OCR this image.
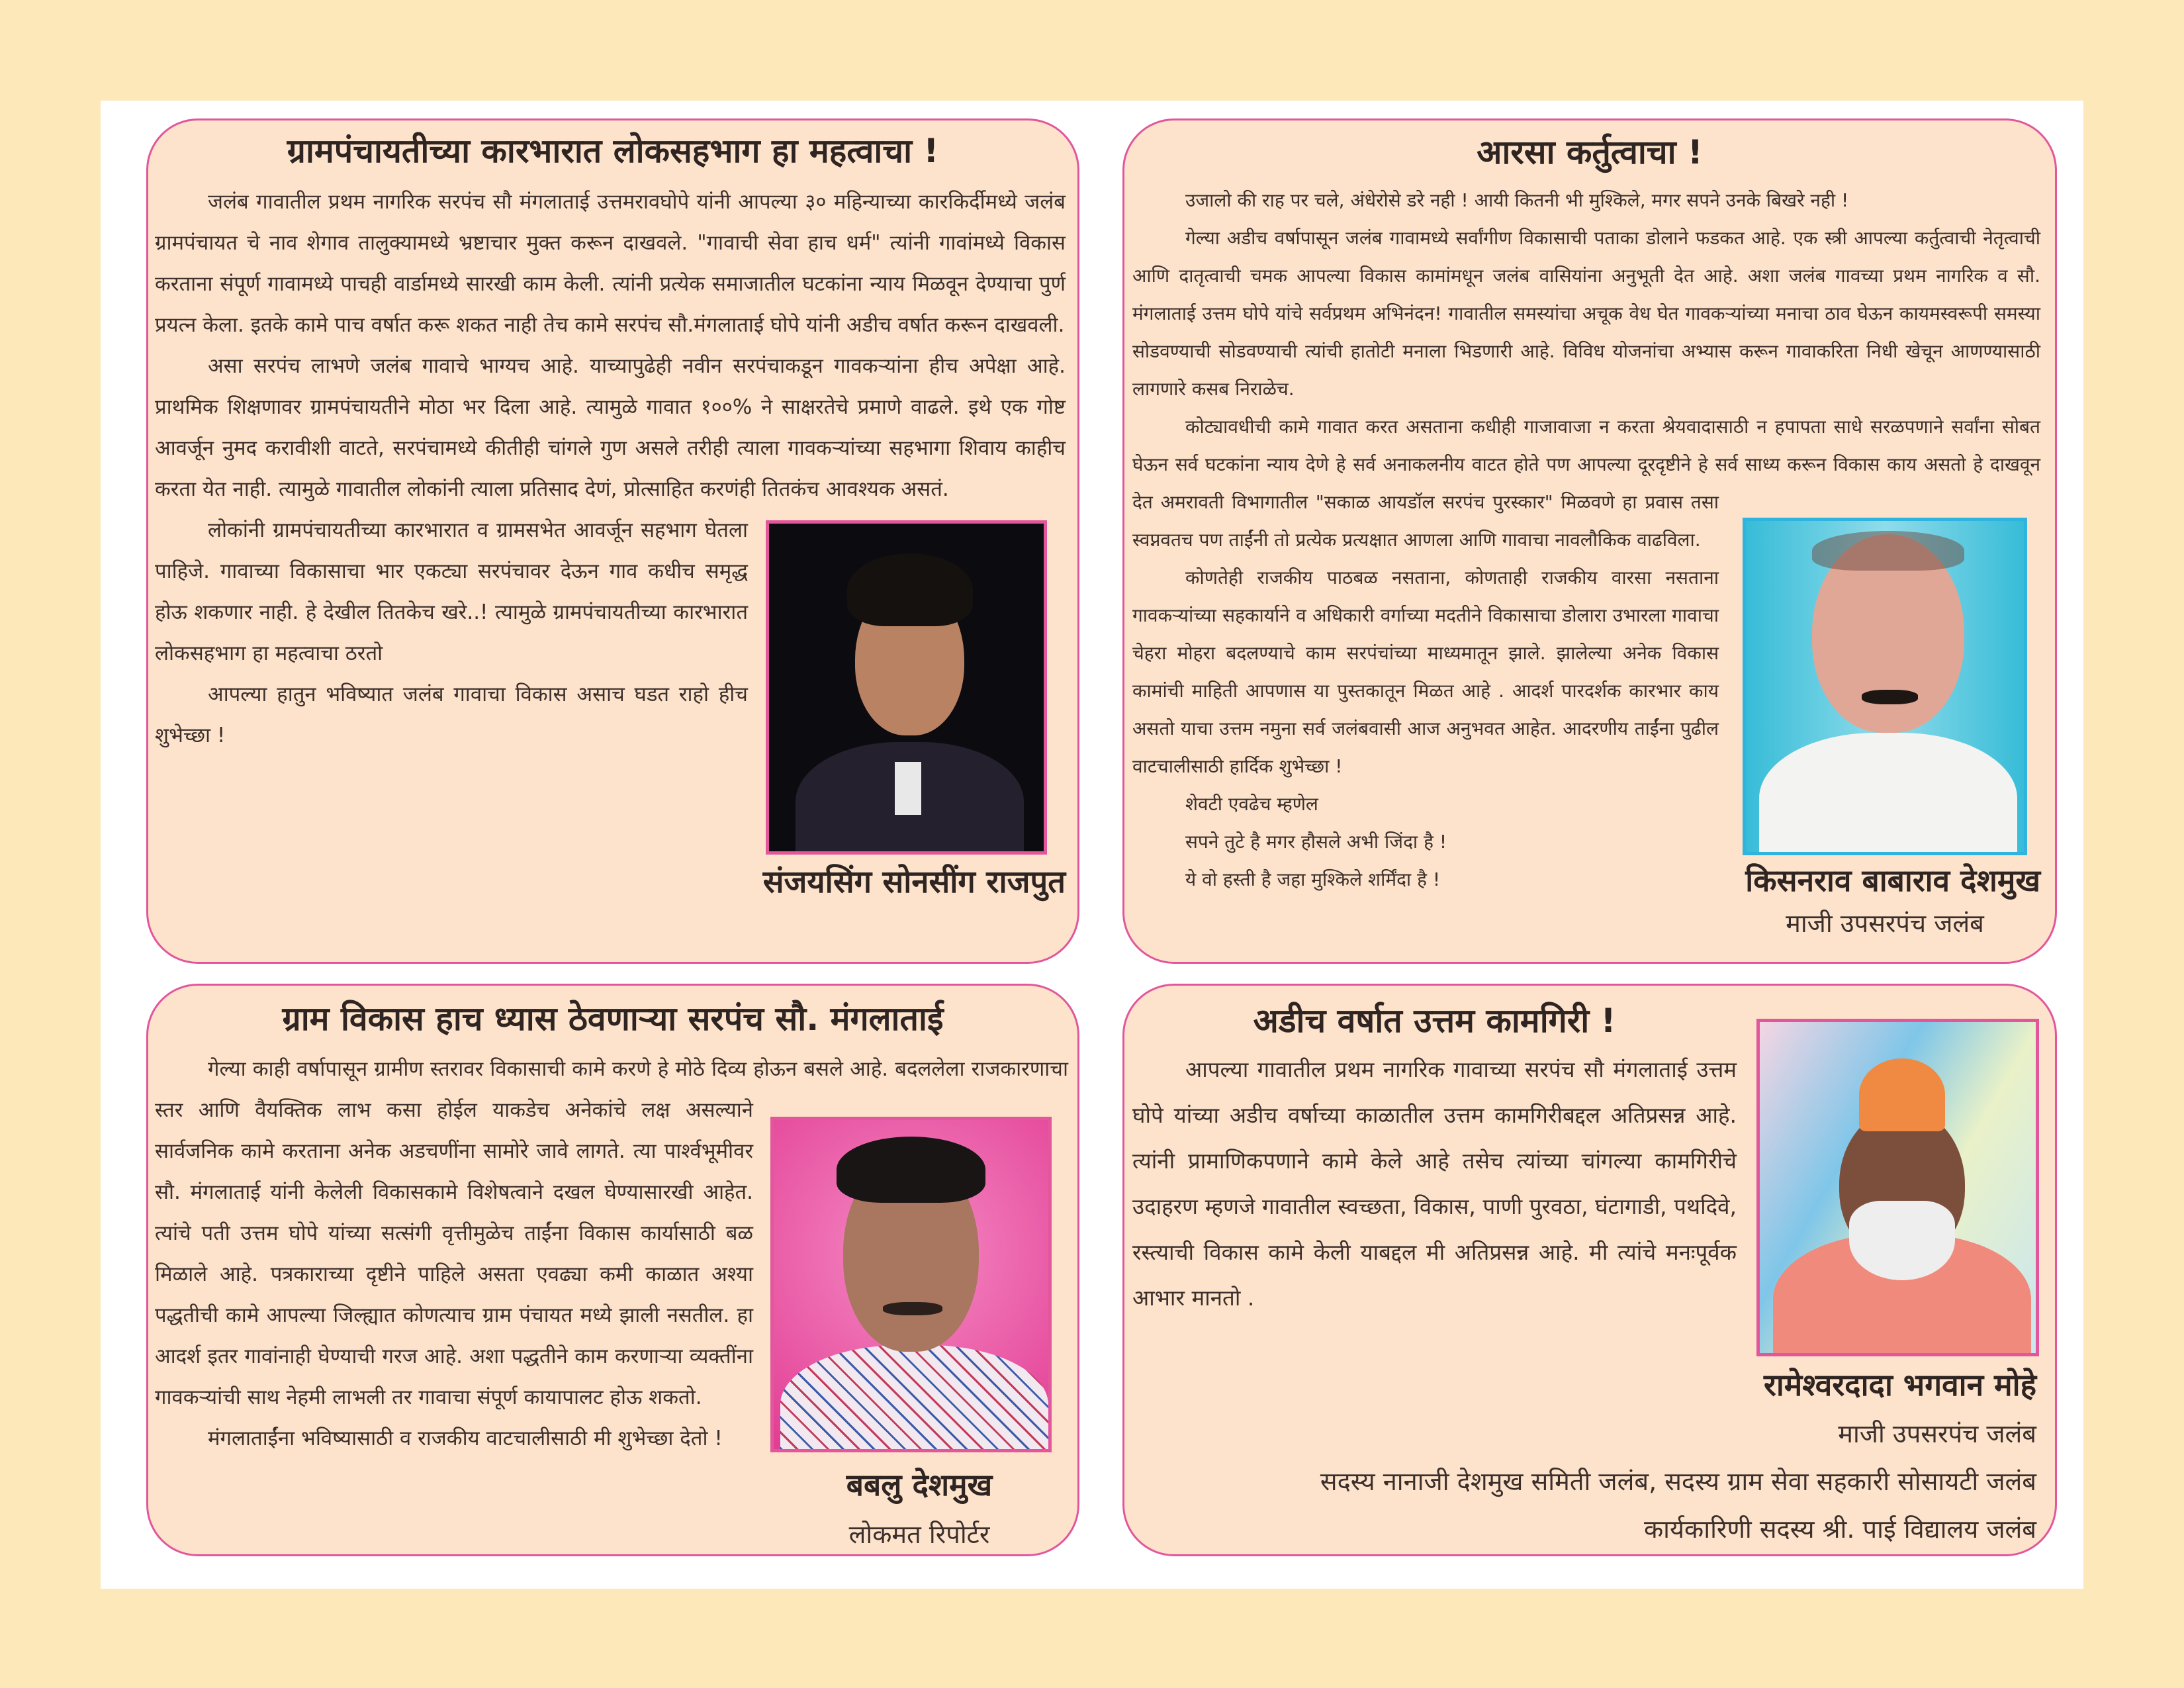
ग्रामपंचायतीच्या कारभारात लोकसहभाग हा महत्वाचा !
संजयसिंग सोनसींग राजपुत

जलंब गावातील प्रथम नागरिक सरपंच सौ मंगलाताई उत्तमरावघोपे यांनी आपल्या ३० महिन्याच्या कारकिर्दीमध्ये जलंब ग्रामपंचायत चे नाव शेगाव तालुक्यामध्ये भ्रष्टाचार मुक्त करून दाखवले. "गावाची सेवा हाच धर्म" त्यांनी गावांमध्ये विकास करताना संपूर्ण गावामध्ये पाचही वार्डामध्ये सारखी काम केली. त्यांनी प्रत्येक समाजातील घटकांना न्याय मिळवून देण्याचा पुर्ण प्रयत्न केला. इतके कामे पाच वर्षात करू शकत नाही तेच कामे सरपंच सौ.मंगलाताई घोपे यांनी अडीच वर्षात करून दाखवली.

असा सरपंच लाभणे जलंब गावाचे भाग्यच आहे. याच्यापुढेही नवीन सरपंचाकडून गावकऱ्यांना हीच अपेक्षा आहे. प्राथमिक शिक्षणावर ग्रामपंचायतीने मोठा भर दिला आहे. त्यामुळे गावात १००% ने साक्षरतेचे प्रमाणे वाढले. इथे एक गोष्ट आवर्जून नुमद करावीशी वाटते, सरपंचामध्ये कीतीही चांगले गुण असले तरीही त्याला गावकऱ्यांच्या सहभागा शिवाय काहीच करता येत नाही. त्यामुळे गावातील लोकांनी त्याला प्रतिसाद देणं, प्रोत्साहित करणंही तितकंच आवश्यक असतं.

लोकांनी ग्रामपंचायतीच्या कारभारात व ग्रामसभेत आवर्जून सहभाग घेतला पाहिजे. गावाच्या विकासाचा भार एकट्या सरपंचावर देऊन गाव कधीच समृद्ध होऊ शकणार नाही. हे देखील तितकेच खरे..! त्यामुळे ग्रामपंचायतीच्या कारभारात लोकसहभाग हा महत्वाचा ठरतो

आपल्या हातुन भविष्यात जलंब गावाचा विकास असाच घडत राहो हीच शुभेच्छा !

आरसा कर्तुत्वाचा !
किसनराव बाबाराव देशमुख
माजी उपसरपंच जलंब

उजालो की राह पर चले, अंधेरोसे डरे नही ! आयी कितनी भी मुश्किले, मगर सपने उनके बिखरे नही !

गेल्या अडीच वर्षापासून जलंब गावामध्ये सर्वांगीण विकासाची पताका डोलाने फडकत आहे. एक स्त्री आपल्या कर्तुत्वाची नेतृत्वाची आणि दातृत्वाची चमक आपल्या विकास कामांमधून जलंब वासियांना अनुभूती देत आहे. अशा जलंब गावच्या प्रथम नागरिक व सौ. मंगलाताई उत्तम घोपे यांचे सर्वप्रथम अभिनंदन! गावातील समस्यांचा अचूक वेध घेत गावकऱ्यांच्या मनाचा ठाव घेऊन कायमस्वरूपी समस्या सोडवण्याची सोडवण्याची त्यांची हातोटी मनाला भिडणारी आहे. विविध योजनांचा अभ्यास करून गावाकरिता निधी खेचून आणण्यासाठी लागणारे कसब निराळेच.

कोट्यावधीची कामे गावात करत असताना कधीही गाजावाजा न करता श्रेयवादासाठी न हपापता साधे सरळपणाने सर्वांना सोबत घेऊन सर्व घटकांना न्याय देणे हे सर्व अनाकलनीय वाटत होते पण आपल्या दूरदृष्टीने हे सर्व साध्य करून विकास काय असतो हे दाखवून देत अमरावती विभागातील "सकाळ आयडॉल सरपंच पुरस्कार" मिळवणे हा प्रवास तसा स्वप्नवतच पण ताईंनी तो प्रत्येक प्रत्यक्षात आणला आणि गावाचा नावलौकिक वाढविला.

कोणतेही राजकीय पाठबळ नसताना, कोणताही राजकीय वारसा नसताना गावकऱ्यांच्या सहकार्याने व अधिकारी वर्गाच्या मदतीने विकासाचा डोलारा उभारला गावाचा चेहरा मोहरा बदलण्याचे काम सरपंचांच्या माध्यमातून झाले. झालेल्या अनेक विकास कामांची माहिती आपणास या पुस्तकातून मिळत आहे . आदर्श पारदर्शक कारभार काय असतो याचा उत्तम नमुना सर्व जलंबवासी आज अनुभवत आहेत. आदरणीय ताईंना पुढील वाटचालीसाठी हार्दिक शुभेच्छा !

शेवटी एवढेच म्हणेल

सपने तुटे है मगर हौसले अभी जिंदा है !

ये वो हस्ती है जहा मुश्किले शर्मिंदा है !

ग्राम विकास हाच ध्यास ठेवणाऱ्या सरपंच सौ. मंगलाताई
बबलु देशमुख
लोकमत रिपोर्टर

गेल्या काही वर्षापासून ग्रामीण स्तरावर विकासाची कामे करणे हे मोठे दिव्य होऊन बसले आहे. बदललेला राजकारणाचा स्तर आणि वैयक्तिक लाभ कसा होईल याकडेच अनेकांचे लक्ष असल्याने सार्वजनिक कामे करताना अनेक अडचणींना सामोरे जावे लागते. त्या पार्श्वभूमीवर सौ. मंगलाताई यांनी केलेली विकासकामे विशेषत्वाने दखल घेण्यासारखी आहेत. त्यांचे पती उत्तम घोपे यांच्या सत्संगी वृत्तीमुळेच ताईंना विकास कार्यासाठी बळ मिळाले आहे. पत्रकाराच्या दृष्टीने पाहिले असता एवढ्या कमी काळात अश्या पद्धतीची कामे आपल्या जिल्ह्यात कोणत्याच ग्राम पंचायत मध्ये झाली नसतील. हा आदर्श इतर गावांनाही घेण्याची गरज आहे. अशा पद्धतीने काम करणाऱ्या व्यक्तींना गावकऱ्यांची साथ नेहमी लाभली तर गावाचा संपूर्ण कायापालट होऊ शकतो.

मंगलाताईंना भविष्यासाठी व राजकीय वाटचालीसाठी मी शुभेच्छा देतो !

अडीच वर्षात उत्तम कामगिरी !

आपल्या गावातील प्रथम नागरिक गावाच्या सरपंच सौ मंगलाताई उत्तम घोपे यांच्या अडीच वर्षाच्या काळातील उत्तम कामगिरीबद्दल अतिप्रसन्न आहे. त्यांनी प्रामाणिकपणाने कामे केले आहे तसेच त्यांच्या चांगल्या कामगिरीचे उदाहरण म्हणजे गावातील स्वच्छता, विकास, पाणी पुरवठा, घंटागाडी, पथदिवे, रस्त्याची विकास कामे केली याबद्दल मी अतिप्रसन्न आहे. मी त्यांचे मनःपूर्वक आभार मानतो .

रामेश्वरदादा भगवान मोहे
माजी उपसरपंच जलंब
सदस्य नानाजी देशमुख समिती जलंब, सदस्य ग्राम सेवा सहकारी सोसायटी जलंब
कार्यकारिणी सदस्य श्री. पाई विद्यालय जलंब
